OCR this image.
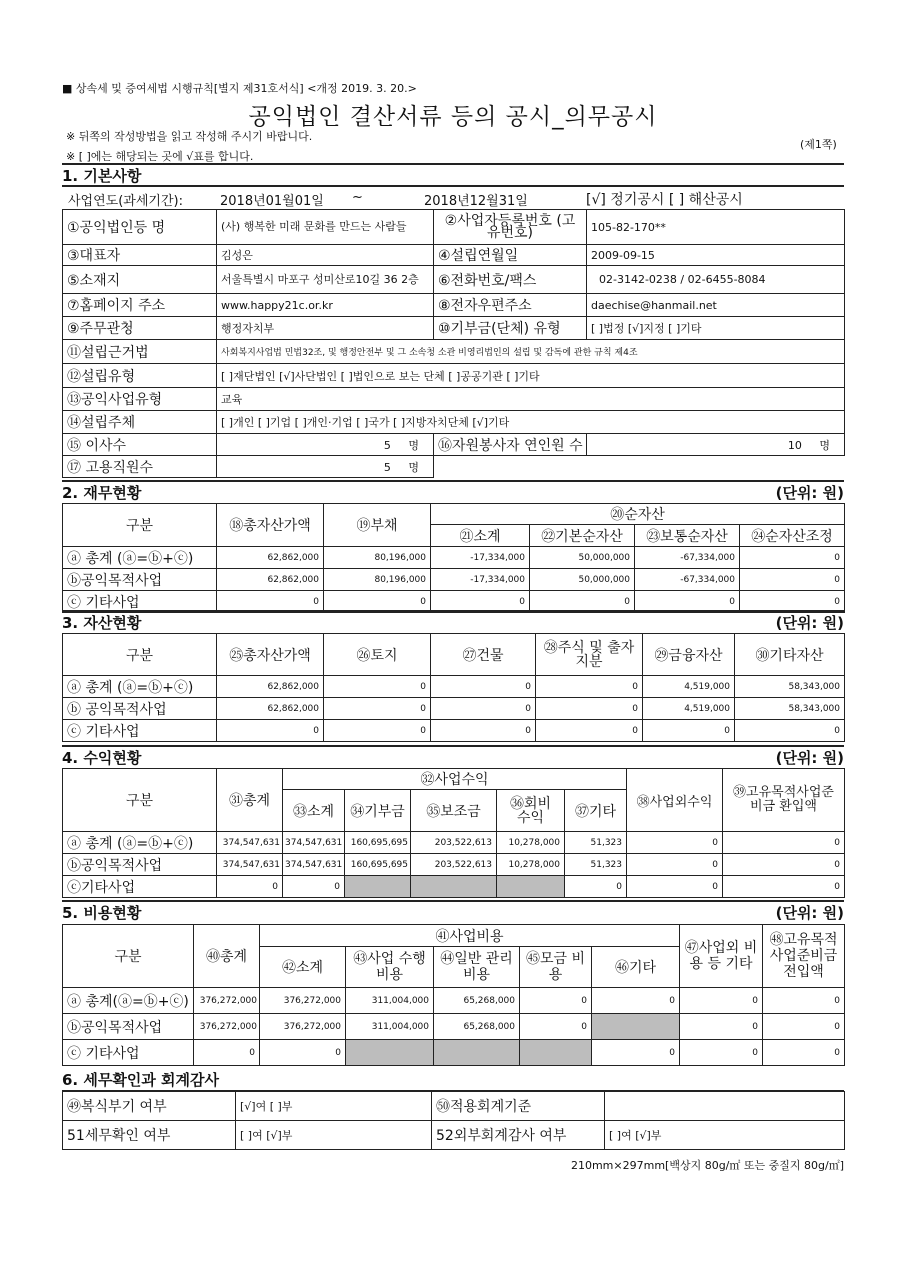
■ 상속세 및 증여세법 시행규칙[별지 제31호서식] <개정 2019. 3. 20.>
공익법인 결산서류 등의 공시_의무공시
※ 뒤쪽의 작성방법을 읽고 작성해 주시기 바랍니다.
(제1쪽)
※ [ ]에는 해당되는 곳에 √표를 합니다.
1. 기본사항
사업연도(과세기간):	2018년01월01일 ~	2018년12월31일	[√] 정기공시 [ ] 해산공시
①공익법인등 명	(사) 행복한 미래 문화를 만드는 사람들	②사업자등록번호 (고유번호)	105-82-170**
③대표자	김성은	④설립연월일	2009-09-15
⑤소재지	서울특별시 마포구 성미산로10길 36 2층	⑥전화번호/팩스	02-3142-0238 / 02-6455-8084
⑦홈페이지 주소	www.happy21c.or.kr	⑧전자우편주소	daechise@hanmail.net
⑨주무관청	행정자치부	⑩기부금(단체) 유형	[ ]법정 [√]지정 [ ]기타
⑪설립근거법	사회복지사업법 민법32조, 및 행정안전부 및 그 소속청 소관 비영리법인의 설립 및 감독에 관한 규칙 제4조		
⑫설립유형	[ ]재단법인 [√]사단법인 [ ]법인으로 보는 단체 [ ]공공기관 [ ]기타		
⑬공익사업유형	교육		
⑭설립주체	[ ]개인 [ ]기업 [ ]개인·기업 [ ]국가 [ ]지방자치단체 [√]기타		
⑮ 이사수	5 명	⑯자원봉사자 연인원 수	10 명
⑰ 고용직원수	5 명		
2. 재무현황	(단위: 원)
구분	⑱총자산가액	⑲부채	⑳순자산			
			㉑소계	㉒기본순자산	㉓보통순자산	㉔순자산조정
ⓐ 총계 (ⓐ=ⓑ+ⓒ)	62,862,000	80,196,000	-17,334,000	50,000,000	-67,334,000	0
ⓑ공익목적사업	62,862,000	80,196,000	-17,334,000	50,000,000	-67,334,000	0
ⓒ 기타사업	0	0	0	0	0	0
3. 자산현황	(단위: 원)
구분	㉕총자산가액	㉖토지	㉗건물	㉘주식 및 출자지분	㉙금융자산	㉚기타자산
ⓐ 총계 (ⓐ=ⓑ+ⓒ)	62,862,000	0	0	0	4,519,000	58,343,000
ⓑ 공익목적사업	62,862,000	0	0	0	4,519,000	58,343,000
ⓒ 기타사업	0	0	0	0	0	0
4. 수익현황	(단위: 원)
구분	㉛총계	㉜사업수익					㊳사업외수익	㊴고유목적사업준비금 환입액
		㉝소계	㉞기부금	㉟보조금	㊱회비 수익	㊲기타		
ⓐ 총계 (ⓐ=ⓑ+ⓒ)	374,547,631	374,547,631	160,695,695	203,522,613	10,278,000	51,323	0	0
ⓑ공익목적사업	374,547,631	374,547,631	160,695,695	203,522,613	10,278,000	51,323	0	0
ⓒ기타사업	0	0				0	0	0
5. 비용현황	(단위: 원)
구분	㊵총계	㊶사업비용					㊼사업외 비용 등 기타	㊽고유목적 사업준비금전입액
		㊷소계	㊸사업 수행비용	㊹일반 관리비용	㊺모금 비용	㊻기타		
ⓐ 총계(ⓐ=ⓑ+ⓒ)	376,272,000	376,272,000	311,004,000	65,268,000	0	0	0	0
ⓑ공익목적사업	376,272,000	376,272,000	311,004,000	65,268,000	0		0	0
ⓒ 기타사업	0	0				0	0	0
6. 세무확인과 회계감사
㊾복식부기 여부	[√]여 [ ]부	㊿적용회계기준	
51세무확인 여부	[ ]여 [√]부	52외부회계감사 여부	[ ]여 [√]부
210mm×297mm[백상지 80g/㎡ 또는 중질지 80g/㎡]
